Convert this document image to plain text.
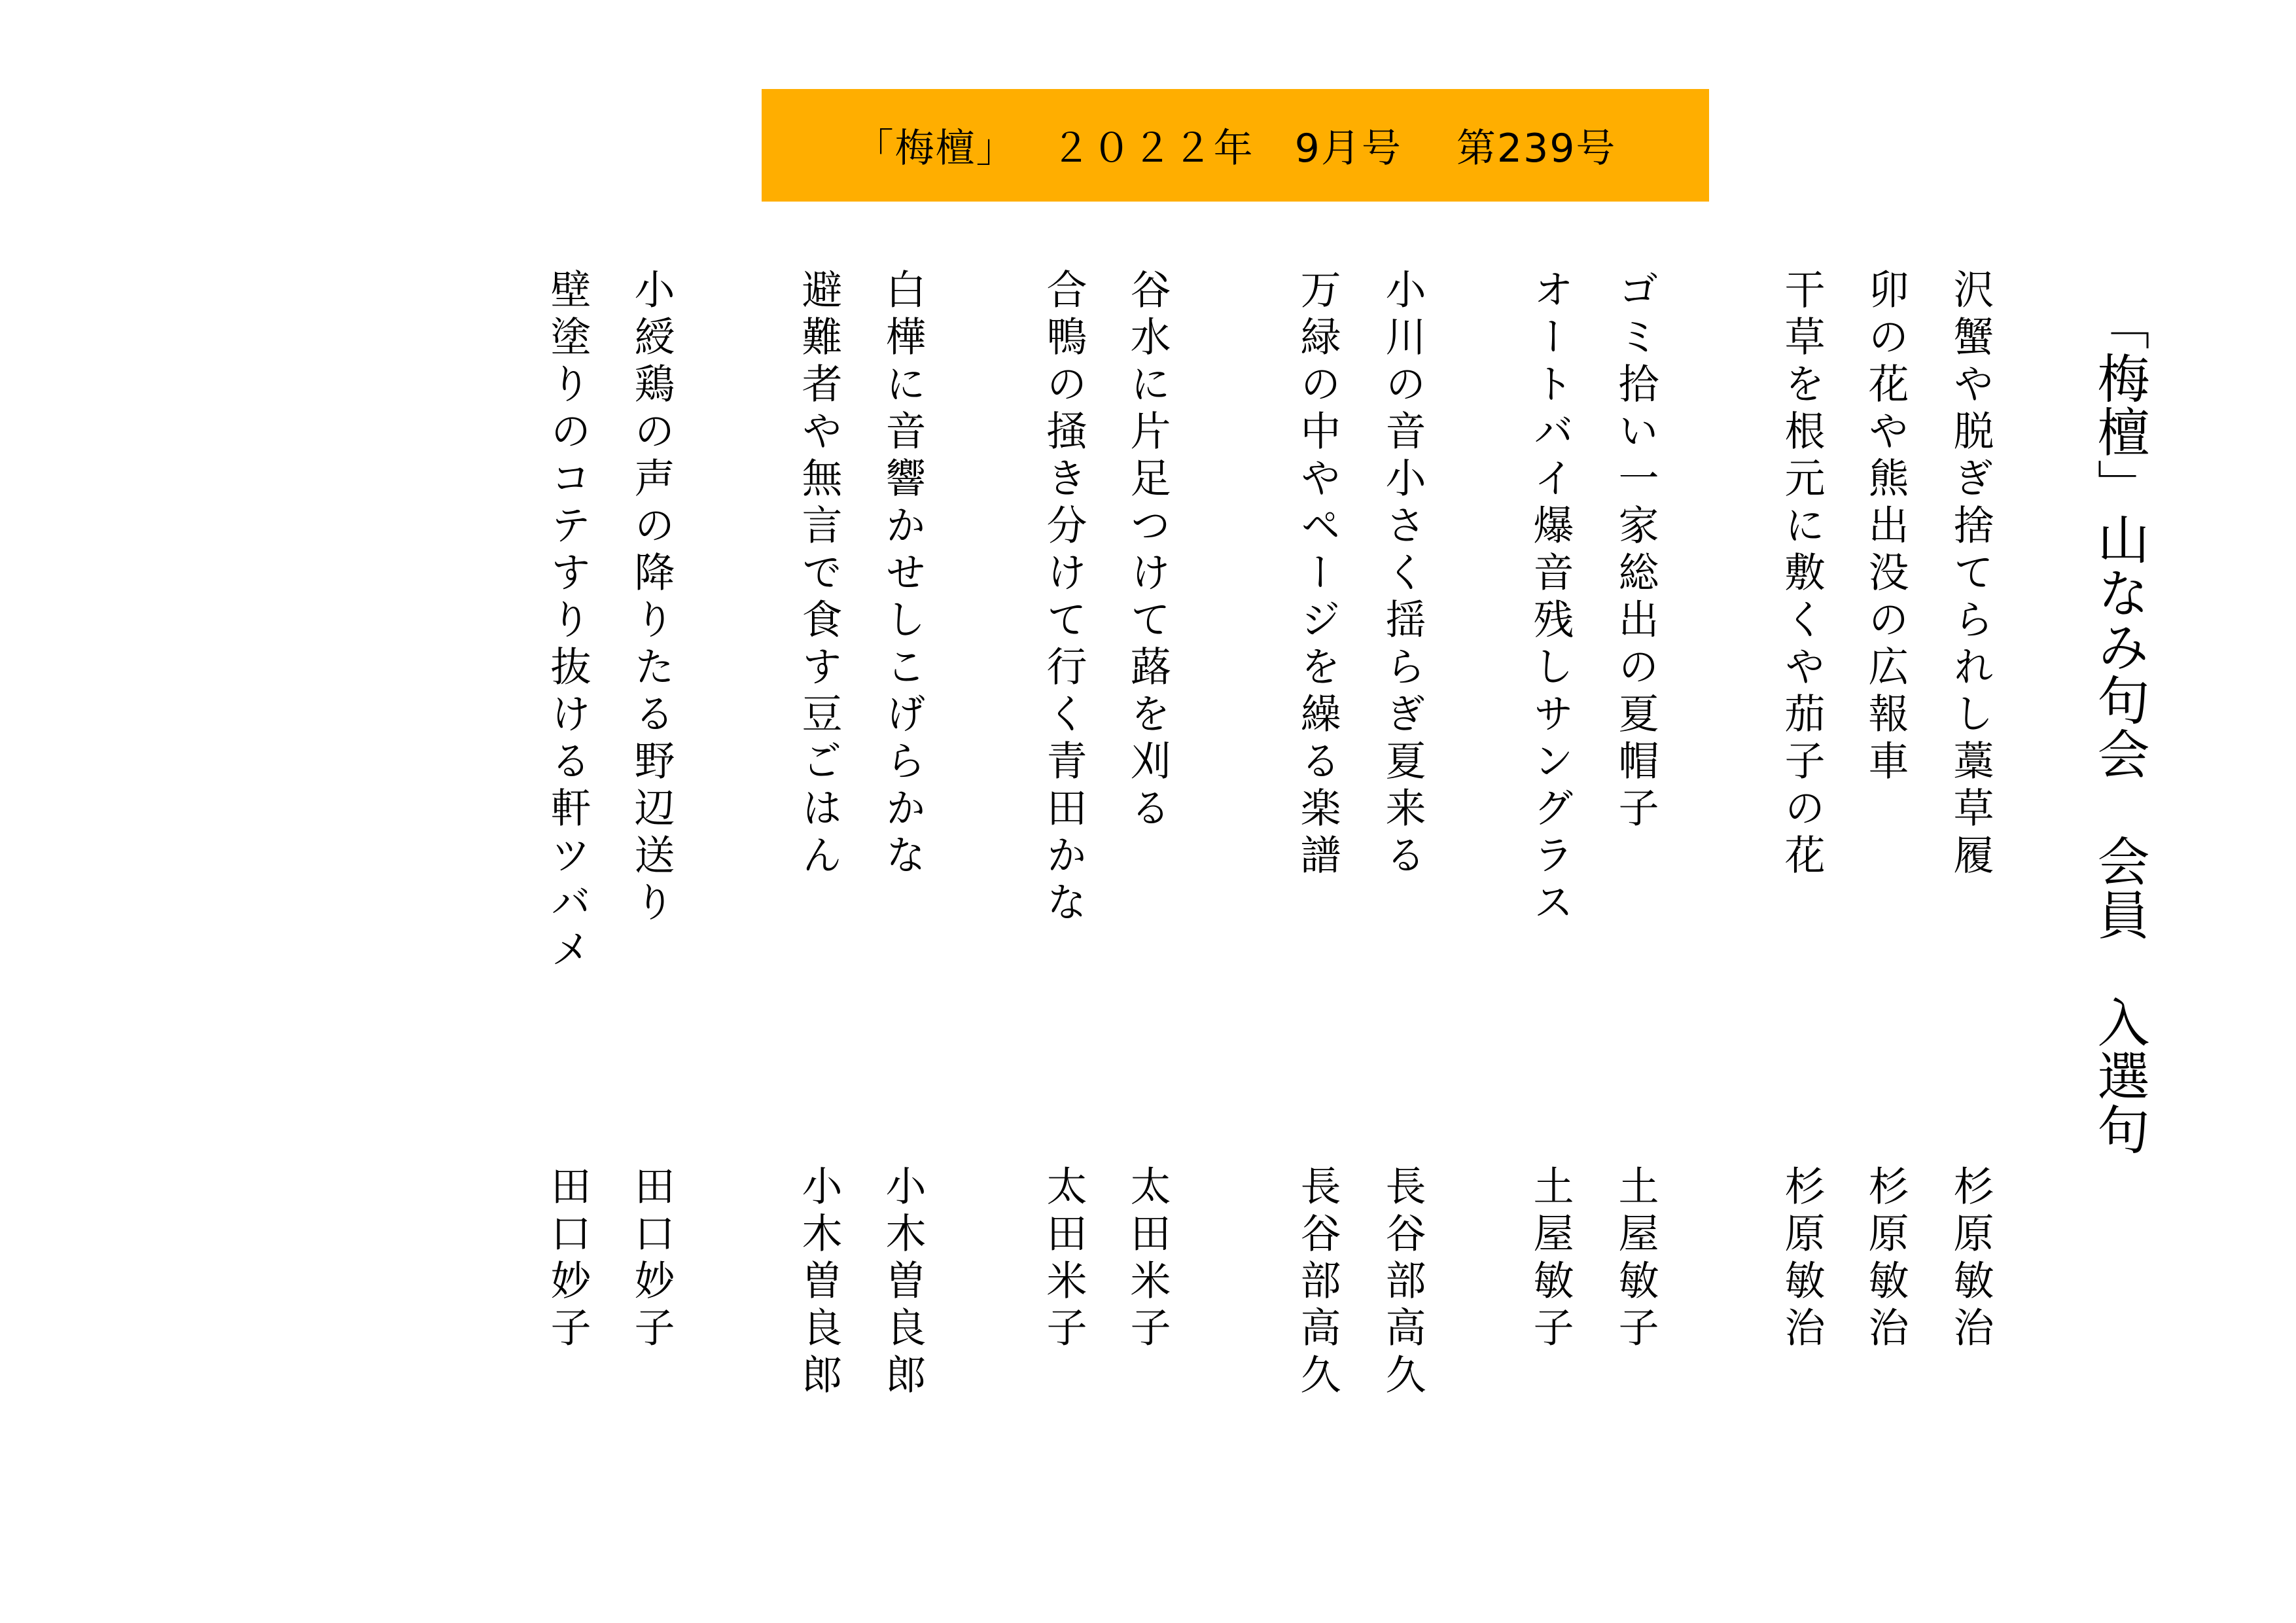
「梅檀」　 ２０２２年　9月号　 第239号
「梅檀」山なみ句会　会員　入選句
沢蟹や脱ぎ捨てられし藁草履
卯の花や熊出没の広報車
干草を根元に敷くや茄子の花
ゴミ拾い一家総出の夏帽子
オートバイ爆音残しサングラス
小川の音小さく揺らぎ夏来る
万緑の中やページを繰る楽譜
谷水に片足つけて蕗を刈る
合鴨の掻き分けて行く青田かな
白樺に音響かせしこげらかな
避難者や無言で食す豆ごはん
小綬鶏の声の降りたる野辺送り
壁塗りのコテすり抜ける軒ツバメ
杉原敏治
杉原敏治
杉原敏治
土屋敏子
土屋敏子
長谷部高久
長谷部高久
太田米子
太田米子
小木曽良郎
小木曽良郎
田口妙子
田口妙子
